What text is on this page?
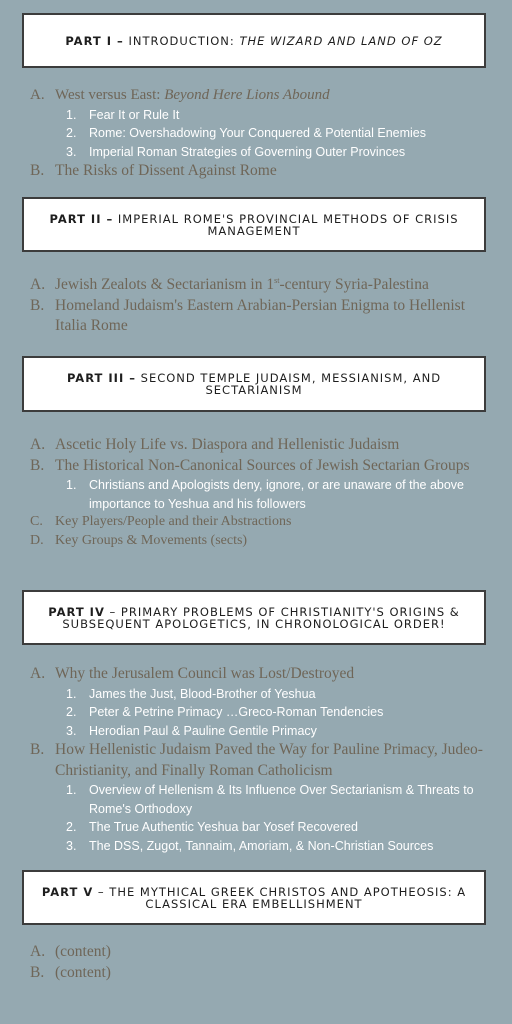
PART I – INTRODUCTION: THE WIZARD AND LAND OF OZ
A. West versus East: Beyond Here Lions Abound
1.	Fear It or Rule It
2.	Rome: Overshadowing Your Conquered & Potential Enemies
3.	Imperial Roman Strategies of Governing Outer Provinces
B. The Risks of Dissent Against Rome
PART II – IMPERIAL ROME'S PROVINCIAL METHODS OF CRISIS MANAGEMENT
A. Jewish Zealots & Sectarianism in 1st-century Syria-Palestina
B. Homeland Judaism's Eastern Arabian-Persian Enigma to Hellenist Italia Rome
PART III – SECOND TEMPLE JUDAISM, MESSIANISM, AND SECTARIANISM
A. Ascetic Holy Life vs. Diaspora and Hellenistic Judaism
B. The Historical Non-Canonical Sources of Jewish Sectarian Groups
1.	Christians and Apologists deny, ignore, or are unaware of the above importance to Yeshua and his followers
C. Key Players/People and their Abstractions
D. Key Groups & Movements (sects)
PART IV – PRIMARY PROBLEMS OF CHRISTIANITY'S ORIGINS & SUBSEQUENT APOLOGETICS, IN CHRONOLOGICAL ORDER!
A. Why the Jerusalem Council was Lost/Destroyed
1.	James the Just, Blood-Brother of Yeshua
2.	Peter & Petrine Primacy …Greco-Roman Tendencies
3.	Herodian Paul & Pauline Gentile Primacy
B. How Hellenistic Judaism Paved the Way for Pauline Primacy, Judeo-Christianity, and Finally Roman Catholicism
1.	Overview of Hellenism & Its Influence Over Sectarianism & Threats to Rome's Orthodoxy
2.	The True Authentic Yeshua bar Yosef Recovered
3.	The DSS, Zugot, Tannaim, Amoriam, & Non-Christian Sources
PART V – THE MYTHICAL GREEK CHRISTOS AND APOTHEOSIS: A CLASSICAL ERA EMBELLISHMENT
A. (content)
B. (content)
